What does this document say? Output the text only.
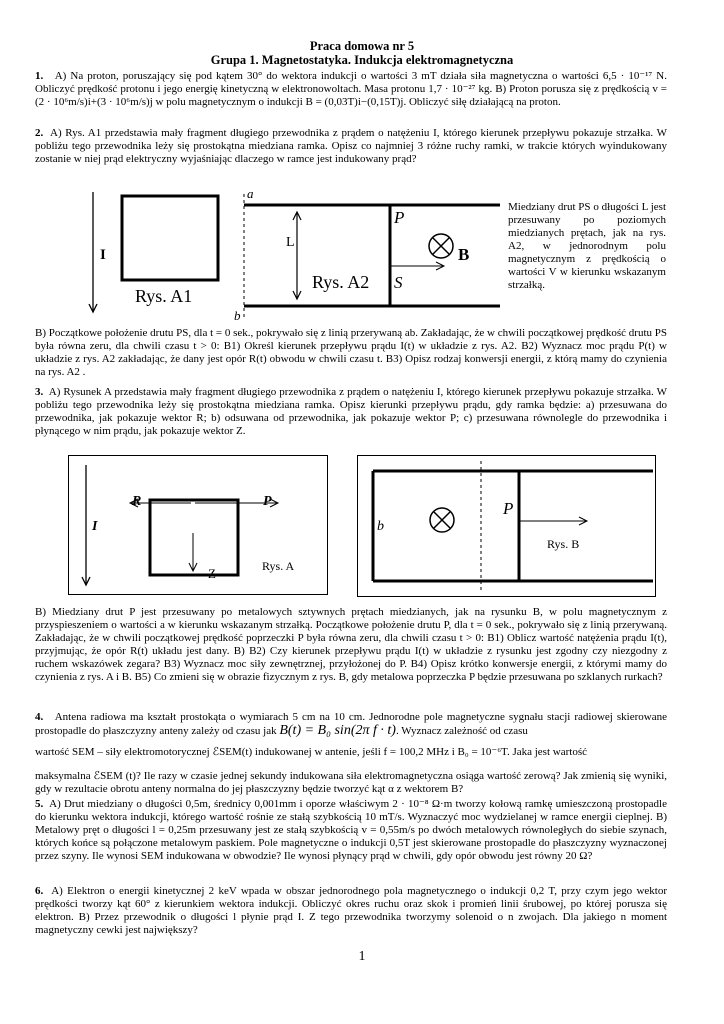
Praca domowa nr 5
Grupa 1. Magnetostatyka. Indukcja elektromagnetyczna
1. A) Na proton, poruszający się pod kątem 30° do wektora indukcji o wartości 3 mT działa siła magnetyczna o wartości 6,5 · 10⁻¹⁷ N. Obliczyć prędkość protonu i jego energię kinetyczną w elektronowoltach. Masa protonu 1,7 · 10⁻²⁷ kg. B) Proton porusza się z prędkością v = (2 · 10⁶m/s)i+(3 · 10⁶m/s)j w polu magnetycznym o indukcji B = (0,03T)i−(0,15T)j. Obliczyć siłę działającą na proton.
2. A) Rys. A1 przedstawia mały fragment długiego przewodnika z prądem o natężeniu I, którego kierunek przepływu pokazuje strzałka. W pobliżu tego przewodnika leży się prostokątna miedziana ramka. Opisz co najmniej 3 różne ruchy ramki, w trakcie których wyindukowany zostanie w niej prąd elektryczny wyjaśniając dlaczego w ramce jest indukowany prąd?
I
Rys. A1
a
b
L
P
S
B
Rys. A2
Miedziany drut PS o długości L jest przesuwany po poziomych miedzianych prętach, jak na rys. A2, w jednorodnym polu magnetycznym z prędkością o wartości V w kierunku wskazanym strzałką.
B) Początkowe położenie drutu PS, dla t = 0 sek., pokrywało się z linią przerywaną ab. Zakładając, że w chwili początkowej prędkość drutu PS była równa zeru, dla chwili czasu t > 0: B1) Określ kierunek przepływu prądu I(t) w układzie z rys. A2. B2) Wyznacz moc prądu P(t) w układzie z rys. A2 zakładając, że dany jest opór R(t) obwodu w chwili czasu t. B3) Opisz rodzaj konwersji energii, z którą mamy do czynienia na rys. A2 .
3. A) Rysunek A przedstawia mały fragment długiego przewodnika z prądem o natężeniu I, którego kierunek przepływu pokazuje strzałka. W pobliżu tego przewodnika leży się prostokątna miedziana ramka. Opisz kierunki przepływu prądu, gdy ramka będzie: a) przesuwana do przewodnika, jak pokazuje wektor R; b) odsuwana od przewodnika, jak pokazuje wektor P; c) przesuwana równolegle do przewodnika i płynącego w nim prądu, jak pokazuje wektor Z.
I
R	P
Z	Rys. A
b
P
Rys. B
B) Miedziany drut P jest przesuwany po metalowych sztywnych prętach miedzianych, jak na rysunku B, w polu magnetycznym z przyspieszeniem o wartości a w kierunku wskazanym strzałką. Początkowe położenie drutu P, dla t = 0 sek., pokrywało się z linią przerywaną. Zakładając, że w chwili początkowej prędkość poprzeczki P była równa zeru, dla chwili czasu t > 0: B1) Oblicz wartość natężenia prądu I(t), przyjmując, że opór R(t) układu jest dany. B) B2) Czy kierunek przepływu prądu I(t) w układzie z rysunku jest zgodny czy niezgodny z ruchem wskazówek zegara? B3) Wyznacz moc siły zewnętrznej, przyłożonej do P. B4) Opisz krótko konwersje energii, z którymi mamy do czynienia z rys. A i B. B5) Co zmieni się w obrazie fizycznym z rys. B, gdy metalowa poprzeczka P będzie przesuwana po szklanych rurkach?
4. Antena radiowa ma kształt prostokąta o wymiarach 5 cm na 10 cm. Jednorodne pole magnetyczne sygnału stacji radiowej skierowane prostopadle do płaszczyzny anteny zależy od czasu jak B(t) = B₀ sin(2π f · t). Wyznacz zależność od czasu
wartość SEM – siły elektromotorycznej ℰSEM(t) indukowanej w antenie, jeśli f = 100,2 MHz i B₀ = 10⁻⁶T. Jaka jest wartość
maksymalna ℰSEM (t)? Ile razy w czasie jednej sekundy indukowana siła elektromagnetyczna osiąga wartość zerową? Jak zmienią się wyniki, gdy w rezultacie obrotu anteny normalna do jej płaszczyzny będzie tworzyć kąt α z wektorem B?
5. A) Drut miedziany o długości 0,5m, średnicy 0,001mm i oporze właściwym 2 · 10⁻⁸ Ω·m tworzy kołową ramkę umieszczoną prostopadle do kierunku wektora indukcji, którego wartość rośnie ze stałą szybkością 10 mT/s. Wyznaczyć moc wydzielanej w ramce energii cieplnej. B) Metalowy pręt o długości l = 0,25m przesuwany jest ze stałą szybkością v = 0,55m/s po dwóch metalowych równoległych do siebie szynach, których końce są połączone metalowym paskiem. Pole magnetyczne o indukcji 0,5T jest skierowane prostopadle do płaszczyzny wyznaczonej przez szyny. Ile wynosi SEM indukowana w obwodzie? Ile wynosi płynący prąd w chwili, gdy opór obwodu jest równy 20 Ω?
6. A) Elektron o energii kinetycznej 2 keV wpada w obszar jednorodnego pola magnetycznego o indukcji 0,2 T, przy czym jego wektor prędkości tworzy kąt 60° z kierunkiem wektora indukcji. Obliczyć okres ruchu oraz skok i promień linii śrubowej, po której porusza się elektron. B) Przez przewodnik o długości l płynie prąd I. Z tego przewodnika tworzymy solenoid o n zwojach. Dla jakiego n moment magnetyczny cewki jest największy?
1
